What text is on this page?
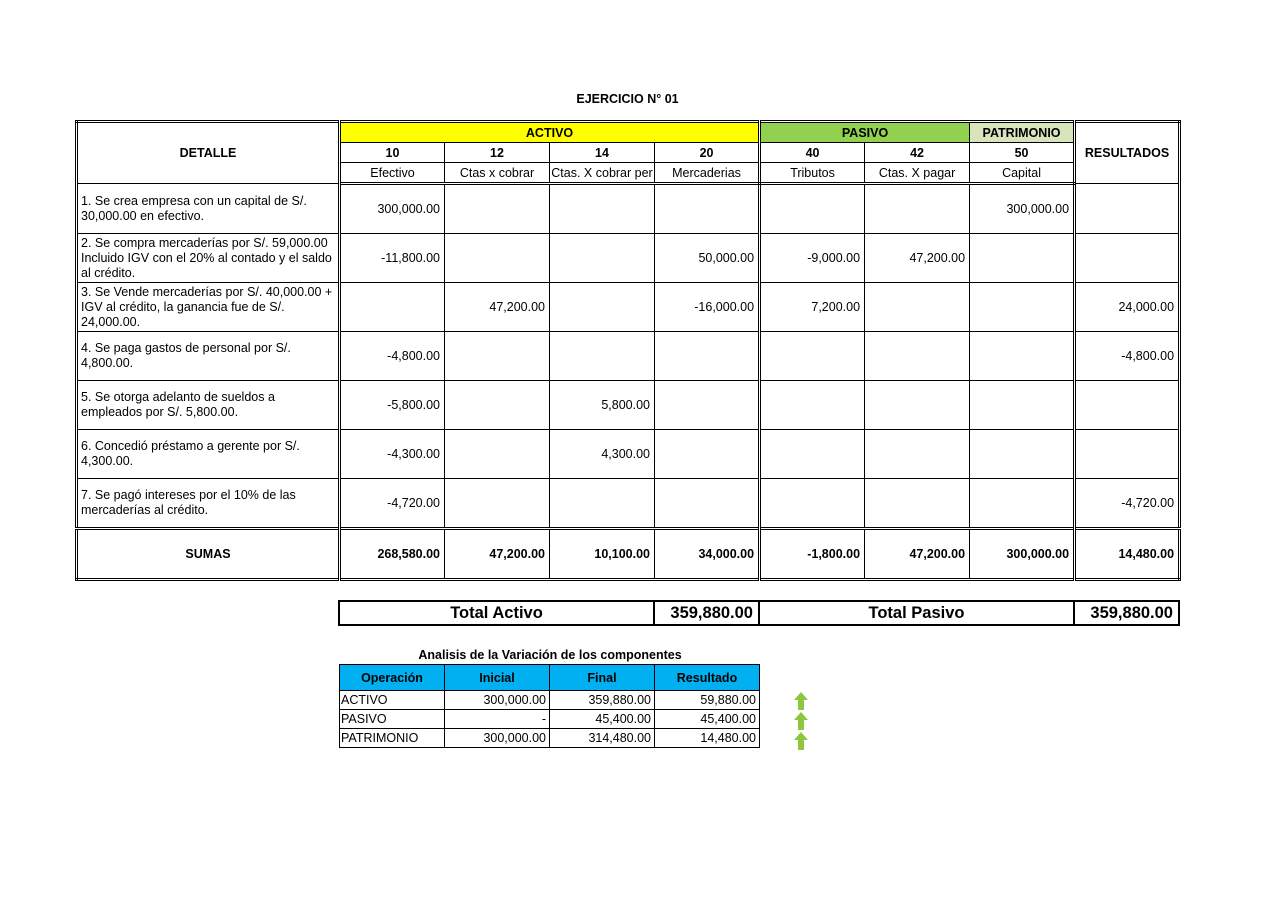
EJERCICIO N° 01
DETALLE	ACTIVO				PASIVO		PATRIMONIO	RESULTADOS
	10	12	14	20	40	42	50	
	Efectivo	Ctas x cobrar	Ctas. X cobrar per	Mercaderias	Tributos	Ctas. X pagar	Capital	
1. Se crea empresa con un capital de S/. 30,000.00 en efectivo.	300,000.00						300,000.00	
2. Se compra mercaderías por S/. 59,000.00 Incluido IGV con el 20% al contado y el saldo al crédito.	-11,800.00			50,000.00	-9,000.00	47,200.00		
3. Se Vende mercaderías por S/. 40,000.00 + IGV al crédito, la ganancia fue de S/. 24,000.00.		47,200.00		-16,000.00	7,200.00			24,000.00
4. Se paga gastos de personal por S/. 4,800.00.	-4,800.00							-4,800.00
5. Se otorga adelanto de sueldos a empleados por S/. 5,800.00.	-5,800.00		5,800.00					
6. Concedió préstamo a gerente por S/. 4,300.00.	-4,300.00		4,300.00					
7. Se pagó intereses por el 10% de las mercaderías al crédito.	-4,720.00							-4,720.00
SUMAS	268,580.00	47,200.00	10,100.00	34,000.00	-1,800.00	47,200.00	300,000.00	14,480.00
Total Activo	359,880.00	Total Pasivo	359,880.00
Analisis de la Variación de los componentes
Operación	Inicial	Final	Resultado
ACTIVO	300,000.00	359,880.00	59,880.00
PASIVO	-	45,400.00	45,400.00
PATRIMONIO	300,000.00	314,480.00	14,480.00
